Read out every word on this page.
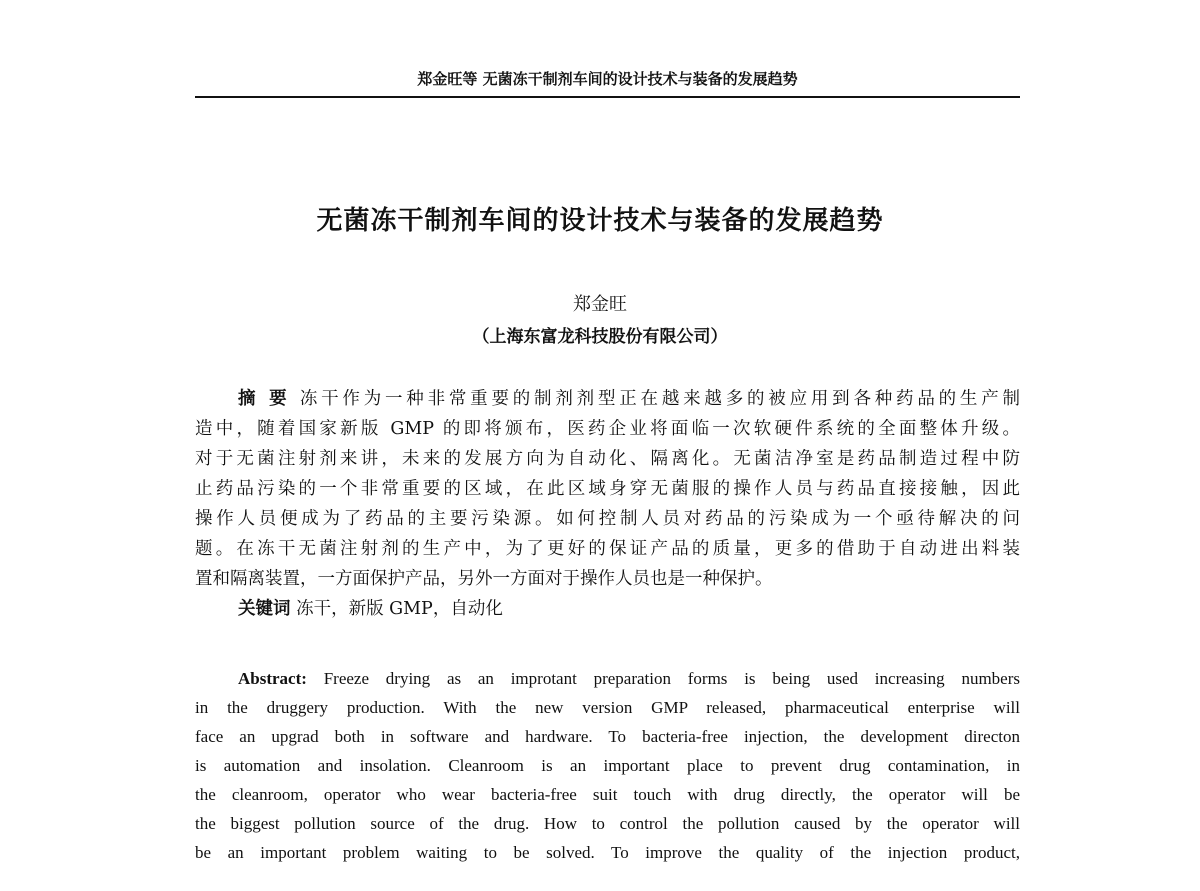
郑金旺等 无菌冻干制剂车间的设计技术与装备的发展趋势
无菌冻干制剂车间的设计技术与装备的发展趋势
郑金旺
（上海东富龙科技股份有限公司）
摘 要 冻干作为一种非常重要的制剂剂型正在越来越多的被应用到各种药品的生产制
造中，随着国家新版 GMP 的即将颁布，医药企业将面临一次软硬件系统的全面整体升级。
对于无菌注射剂来讲，未来的发展方向为自动化、隔离化。无菌洁净室是药品制造过程中防
止药品污染的一个非常重要的区域，在此区域身穿无菌服的操作人员与药品直接接触，因此
操作人员便成为了药品的主要污染源。如何控制人员对药品的污染成为一个亟待解决的问
题。在冻干无菌注射剂的生产中，为了更好的保证产品的质量，更多的借助于自动进出料装
置和隔离装置，一方面保护产品，另外一方面对于操作人员也是一种保护。
关键词 冻干，新版 GMP，自动化
Abstract: Freeze drying as an improtant preparation forms is being used increasing numbers
in the druggery production. With the new version GMP released, pharmaceutical enterprise will
face an upgrad both in software and hardware. To bacteria-free injection, the development directon
is automation and insolation. Cleanroom is an important place to prevent drug contamination, in
the cleanroom, operator who wear bacteria-free suit touch with drug directly, the operator will be
the biggest pollution source of the drug. How to control the pollution caused by the operator will
be an important problem waiting to be solved. To improve the quality of the injection product,
